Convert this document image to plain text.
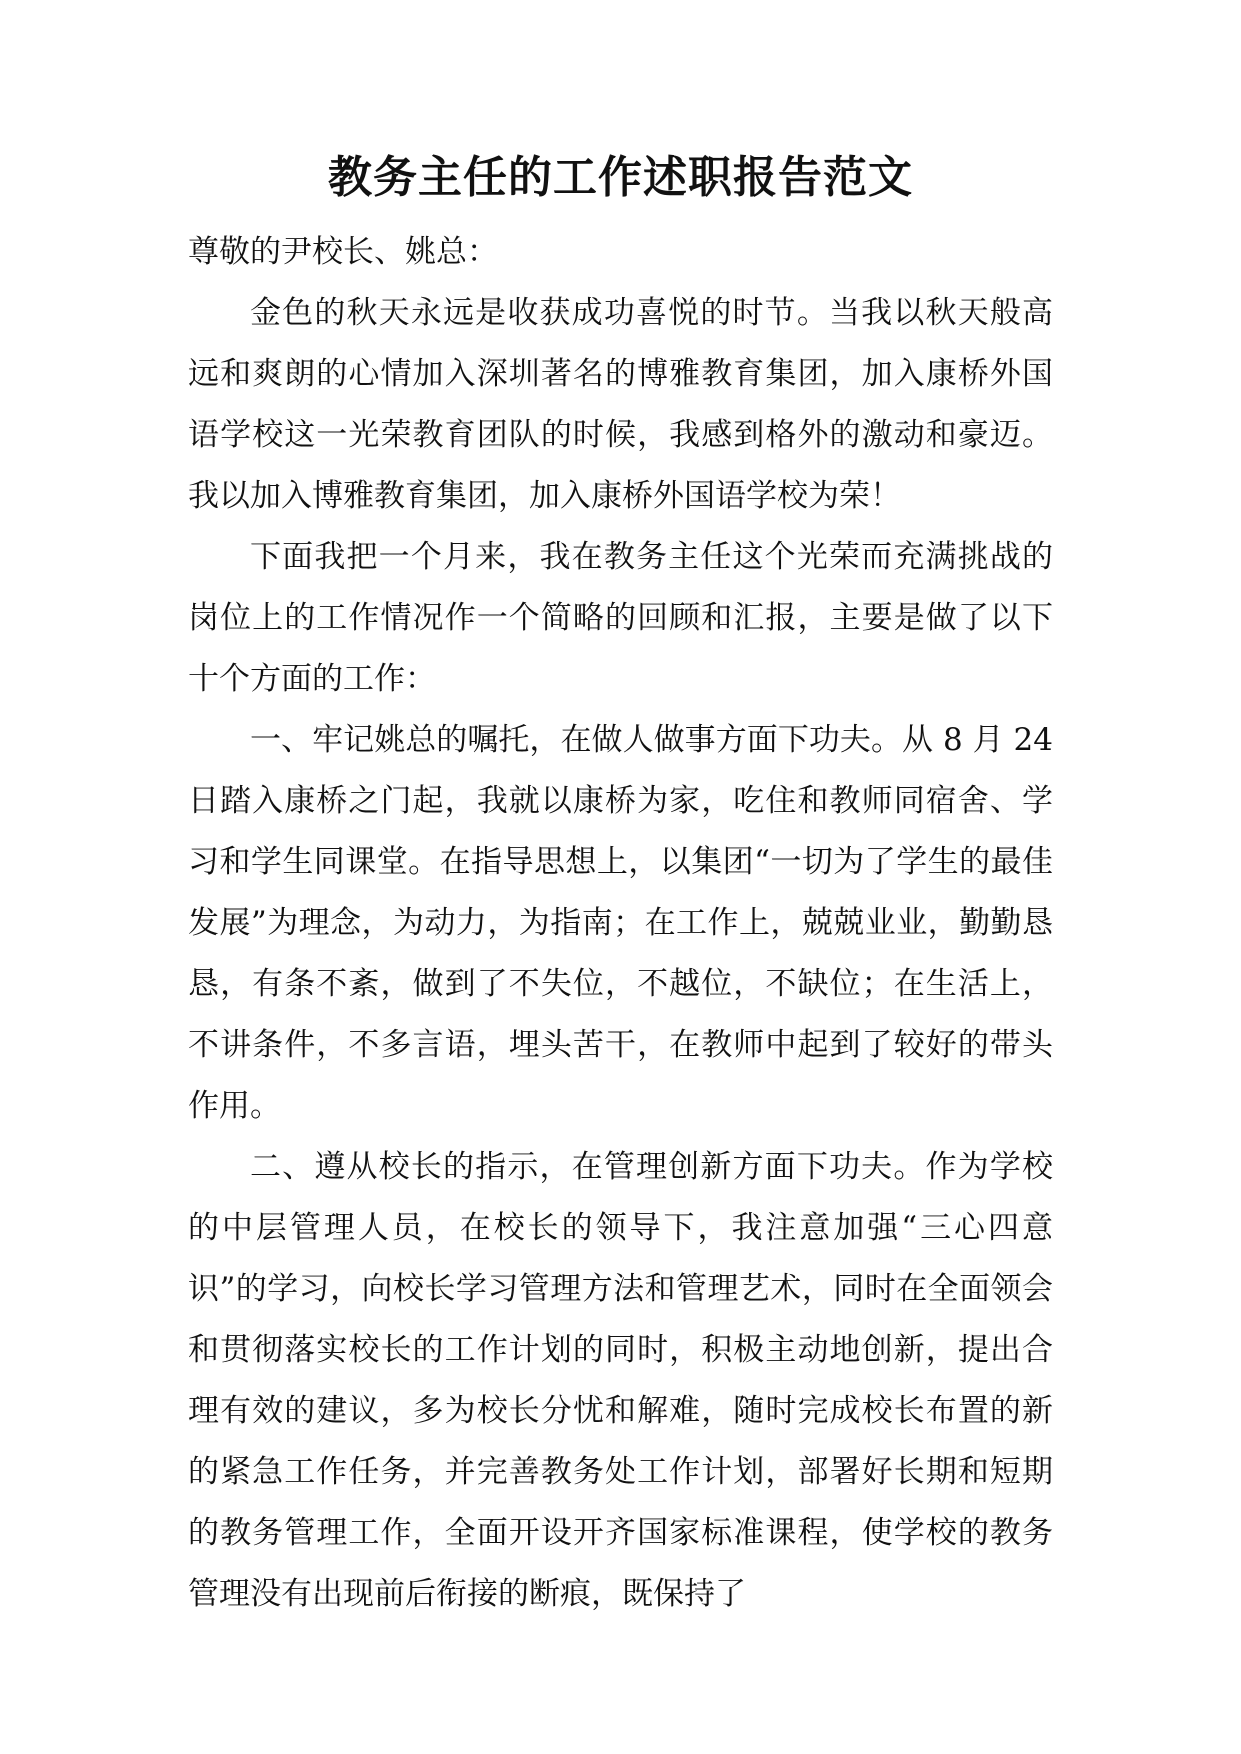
教务主任的工作述职报告范文

尊敬的尹校长、姚总：

金色的秋天永远是收获成功喜悦的时节。当我以秋天般高远和爽朗的心情加入深圳著名的博雅教育集团，加入康桥外国语学校这一光荣教育团队的时候，我感到格外的激动和豪迈。我以加入博雅教育集团，加入康桥外国语学校为荣！

下面我把一个月来，我在教务主任这个光荣而充满挑战的岗位上的工作情况作一个简略的回顾和汇报，主要是做了以下十个方面的工作：

一、牢记姚总的嘱托，在做人做事方面下功夫。从 8 月 24 日踏入康桥之门起，我就以康桥为家，吃住和教师同宿舍、学习和学生同课堂。在指导思想上，以集团“一切为了学生的最佳发展”为理念，为动力，为指南；在工作上，兢兢业业，勤勤恳恳，有条不紊，做到了不失位，不越位，不缺位；在生活上，不讲条件，不多言语，埋头苦干，在教师中起到了较好的带头作用。

二、遵从校长的指示，在管理创新方面下功夫。作为学校的中层管理人员，在校长的领导下，我注意加强“三心四意识”的学习，向校长学习管理方法和管理艺术，同时在全面领会和贯彻落实校长的工作计划的同时，积极主动地创新，提出合理有效的建议，多为校长分忧和解难，随时完成校长布置的新的紧急工作任务，并完善教务处工作计划，部署好长期和短期的教务管理工作，全面开设开齐国家标准课程，使学校的教务管理没有出现前后衔接的断痕，既保持了
